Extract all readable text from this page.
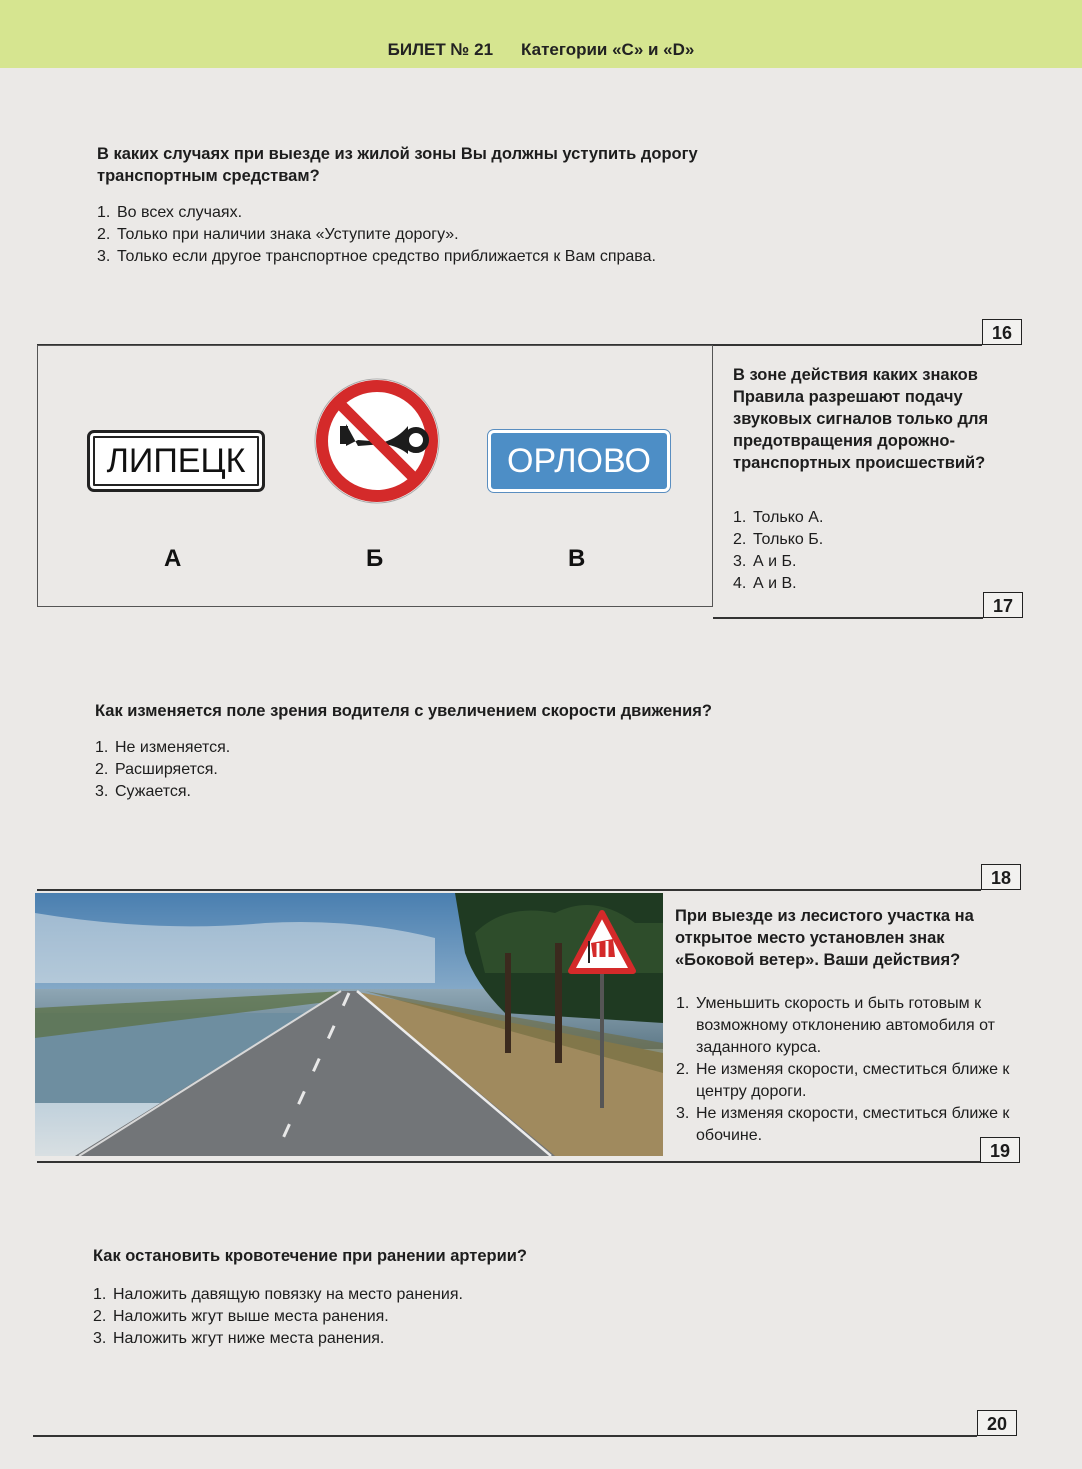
БИЛЕТ № 21 Категории «С» и «D»
В каких случаях при выезде из жилой зоны Вы должны уступить дорогу транспортным средствам?
1. Во всех случаях.
2. Только при наличии знака «Уступите дорогу».
3. Только если другое транспортное средство приближается к Вам справа.
16
ЛИПЕЦК	ОРЛОВО
А	Б	В
В зоне действия каких знаков Правила разрешают подачу звуковых сигналов только для предотвращения дорожно-транспортных происшествий?
1. Только А.
2. Только Б.
3. А и Б.
4. А и В.
17
Как изменяется поле зрения водителя с увеличением скорости движения?
1. Не изменяется.
2. Расширяется.
3. Сужается.
18
При выезде из лесистого участка на открытое место установлен знак «Боковой ветер». Ваши действия?
1. Уменьшить скорость и быть готовым к возможному отклонению автомобиля от заданного курса.
2. Не изменяя скорости, сместиться ближе к центру дороги.
3. Не изменяя скорости, сместиться ближе к обочине.
19
Как остановить кровотечение при ранении артерии?
1. Наложить давящую повязку на место ранения.
2. Наложить жгут выше места ранения.
3. Наложить жгут ниже места ранения.
20
